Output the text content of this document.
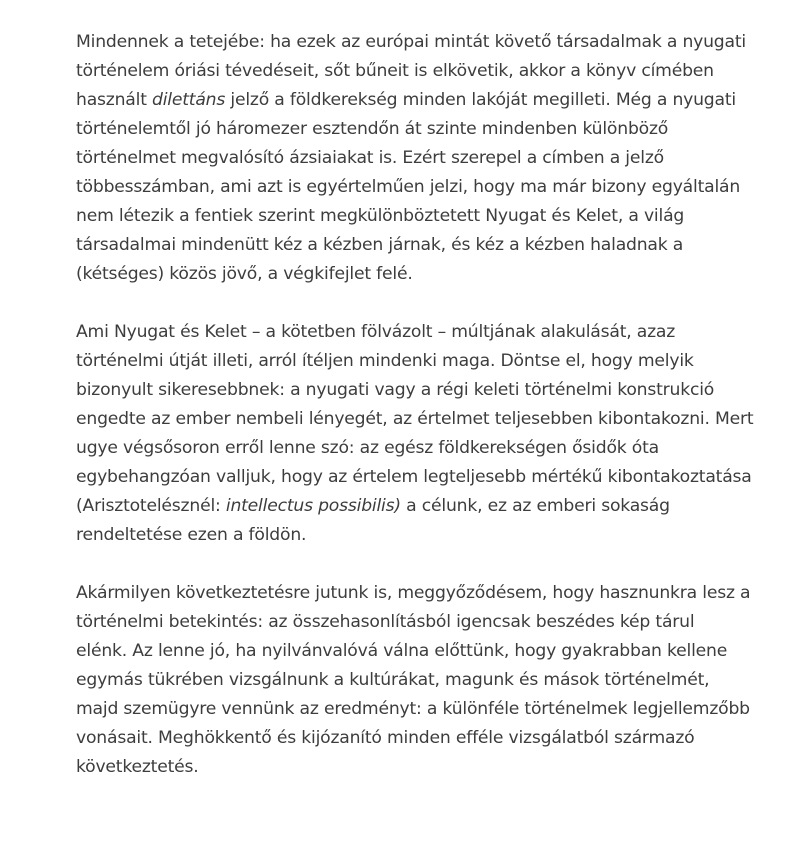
Mindennek a tetejébe: ha ezek az európai mintát követő társadalmak a nyugati
történelem óriási tévedéseit, sőt bűneit is elkövetik, akkor a könyv címében
használt dilettáns jelző a földkerekség minden lakóját megilleti. Még a nyugati
történelemtől jó háromezer esztendőn át szinte mindenben különböző
történelmet megvalósító ázsiaiakat is. Ezért szerepel a címben a jelző
többesszámban, ami azt is egyértelműen jelzi, hogy ma már bizony egyáltalán
nem létezik a fentiek szerint megkülönböztetett Nyugat és Kelet, a világ
társadalmai mindenütt kéz a kézben járnak, és kéz a kézben haladnak a
(kétséges) közös jövő, a végkifejlet felé.

Ami Nyugat és Kelet – a kötetben fölvázolt – múltjának alakulását, azaz
történelmi útját illeti, arról ítéljen mindenki maga. Döntse el, hogy melyik
bizonyult sikeresebbnek: a nyugati vagy a régi keleti történelmi konstrukció
engedte az ember nembeli lényegét, az értelmet teljesebben kibontakozni. Mert
ugye végsősoron erről lenne szó: az egész földkerekségen ősidők óta
egybehangzóan valljuk, hogy az értelem legteljesebb mértékű kibontakoztatása
(Arisztotelésznél: intellectus possibilis) a célunk, ez az emberi sokaság
rendeltetése ezen a földön.

Akármilyen következtetésre jutunk is, meggyőződésem, hogy hasznunkra lesz a
történelmi betekintés: az összehasonlításból igencsak beszédes kép tárul
elénk. Az lenne jó, ha nyilvánvalóvá válna előttünk, hogy gyakrabban kellene
egymás tükrében vizsgálnunk a kultúrákat, magunk és mások történelmét,
majd szemügyre vennünk az eredményt: a különféle történelmek legjellemzőbb
vonásait. Meghökkentő és kijózanító minden efféle vizsgálatból származó
következtetés.
